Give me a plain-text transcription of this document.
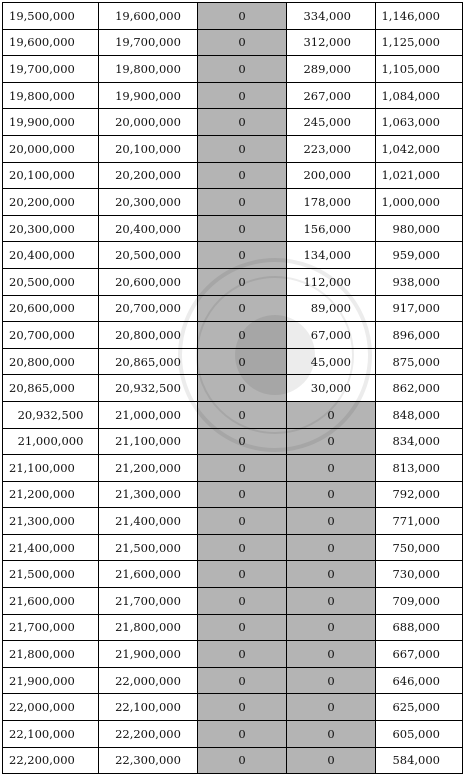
19,500,000	19,600,000	0	334,000	1,146,000
19,600,000	19,700,000	0	312,000	1,125,000
19,700,000	19,800,000	0	289,000	1,105,000
19,800,000	19,900,000	0	267,000	1,084,000
19,900,000	20,000,000	0	245,000	1,063,000
20,000,000	20,100,000	0	223,000	1,042,000
20,100,000	20,200,000	0	200,000	1,021,000
20,200,000	20,300,000	0	178,000	1,000,000
20,300,000	20,400,000	0	156,000	980,000
20,400,000	20,500,000	0	134,000	959,000
20,500,000	20,600,000	0	112,000	938,000
20,600,000	20,700,000	0	89,000	917,000
20,700,000	20,800,000	0	67,000	896,000
20,800,000	20,865,000	0	45,000	875,000
20,865,000	20,932,500	0	30,000	862,000
20,932,500	21,000,000	0	0	848,000
21,000,000	21,100,000	0	0	834,000
21,100,000	21,200,000	0	0	813,000
21,200,000	21,300,000	0	0	792,000
21,300,000	21,400,000	0	0	771,000
21,400,000	21,500,000	0	0	750,000
21,500,000	21,600,000	0	0	730,000
21,600,000	21,700,000	0	0	709,000
21,700,000	21,800,000	0	0	688,000
21,800,000	21,900,000	0	0	667,000
21,900,000	22,000,000	0	0	646,000
22,000,000	22,100,000	0	0	625,000
22,100,000	22,200,000	0	0	605,000
22,200,000	22,300,000	0	0	584,000
